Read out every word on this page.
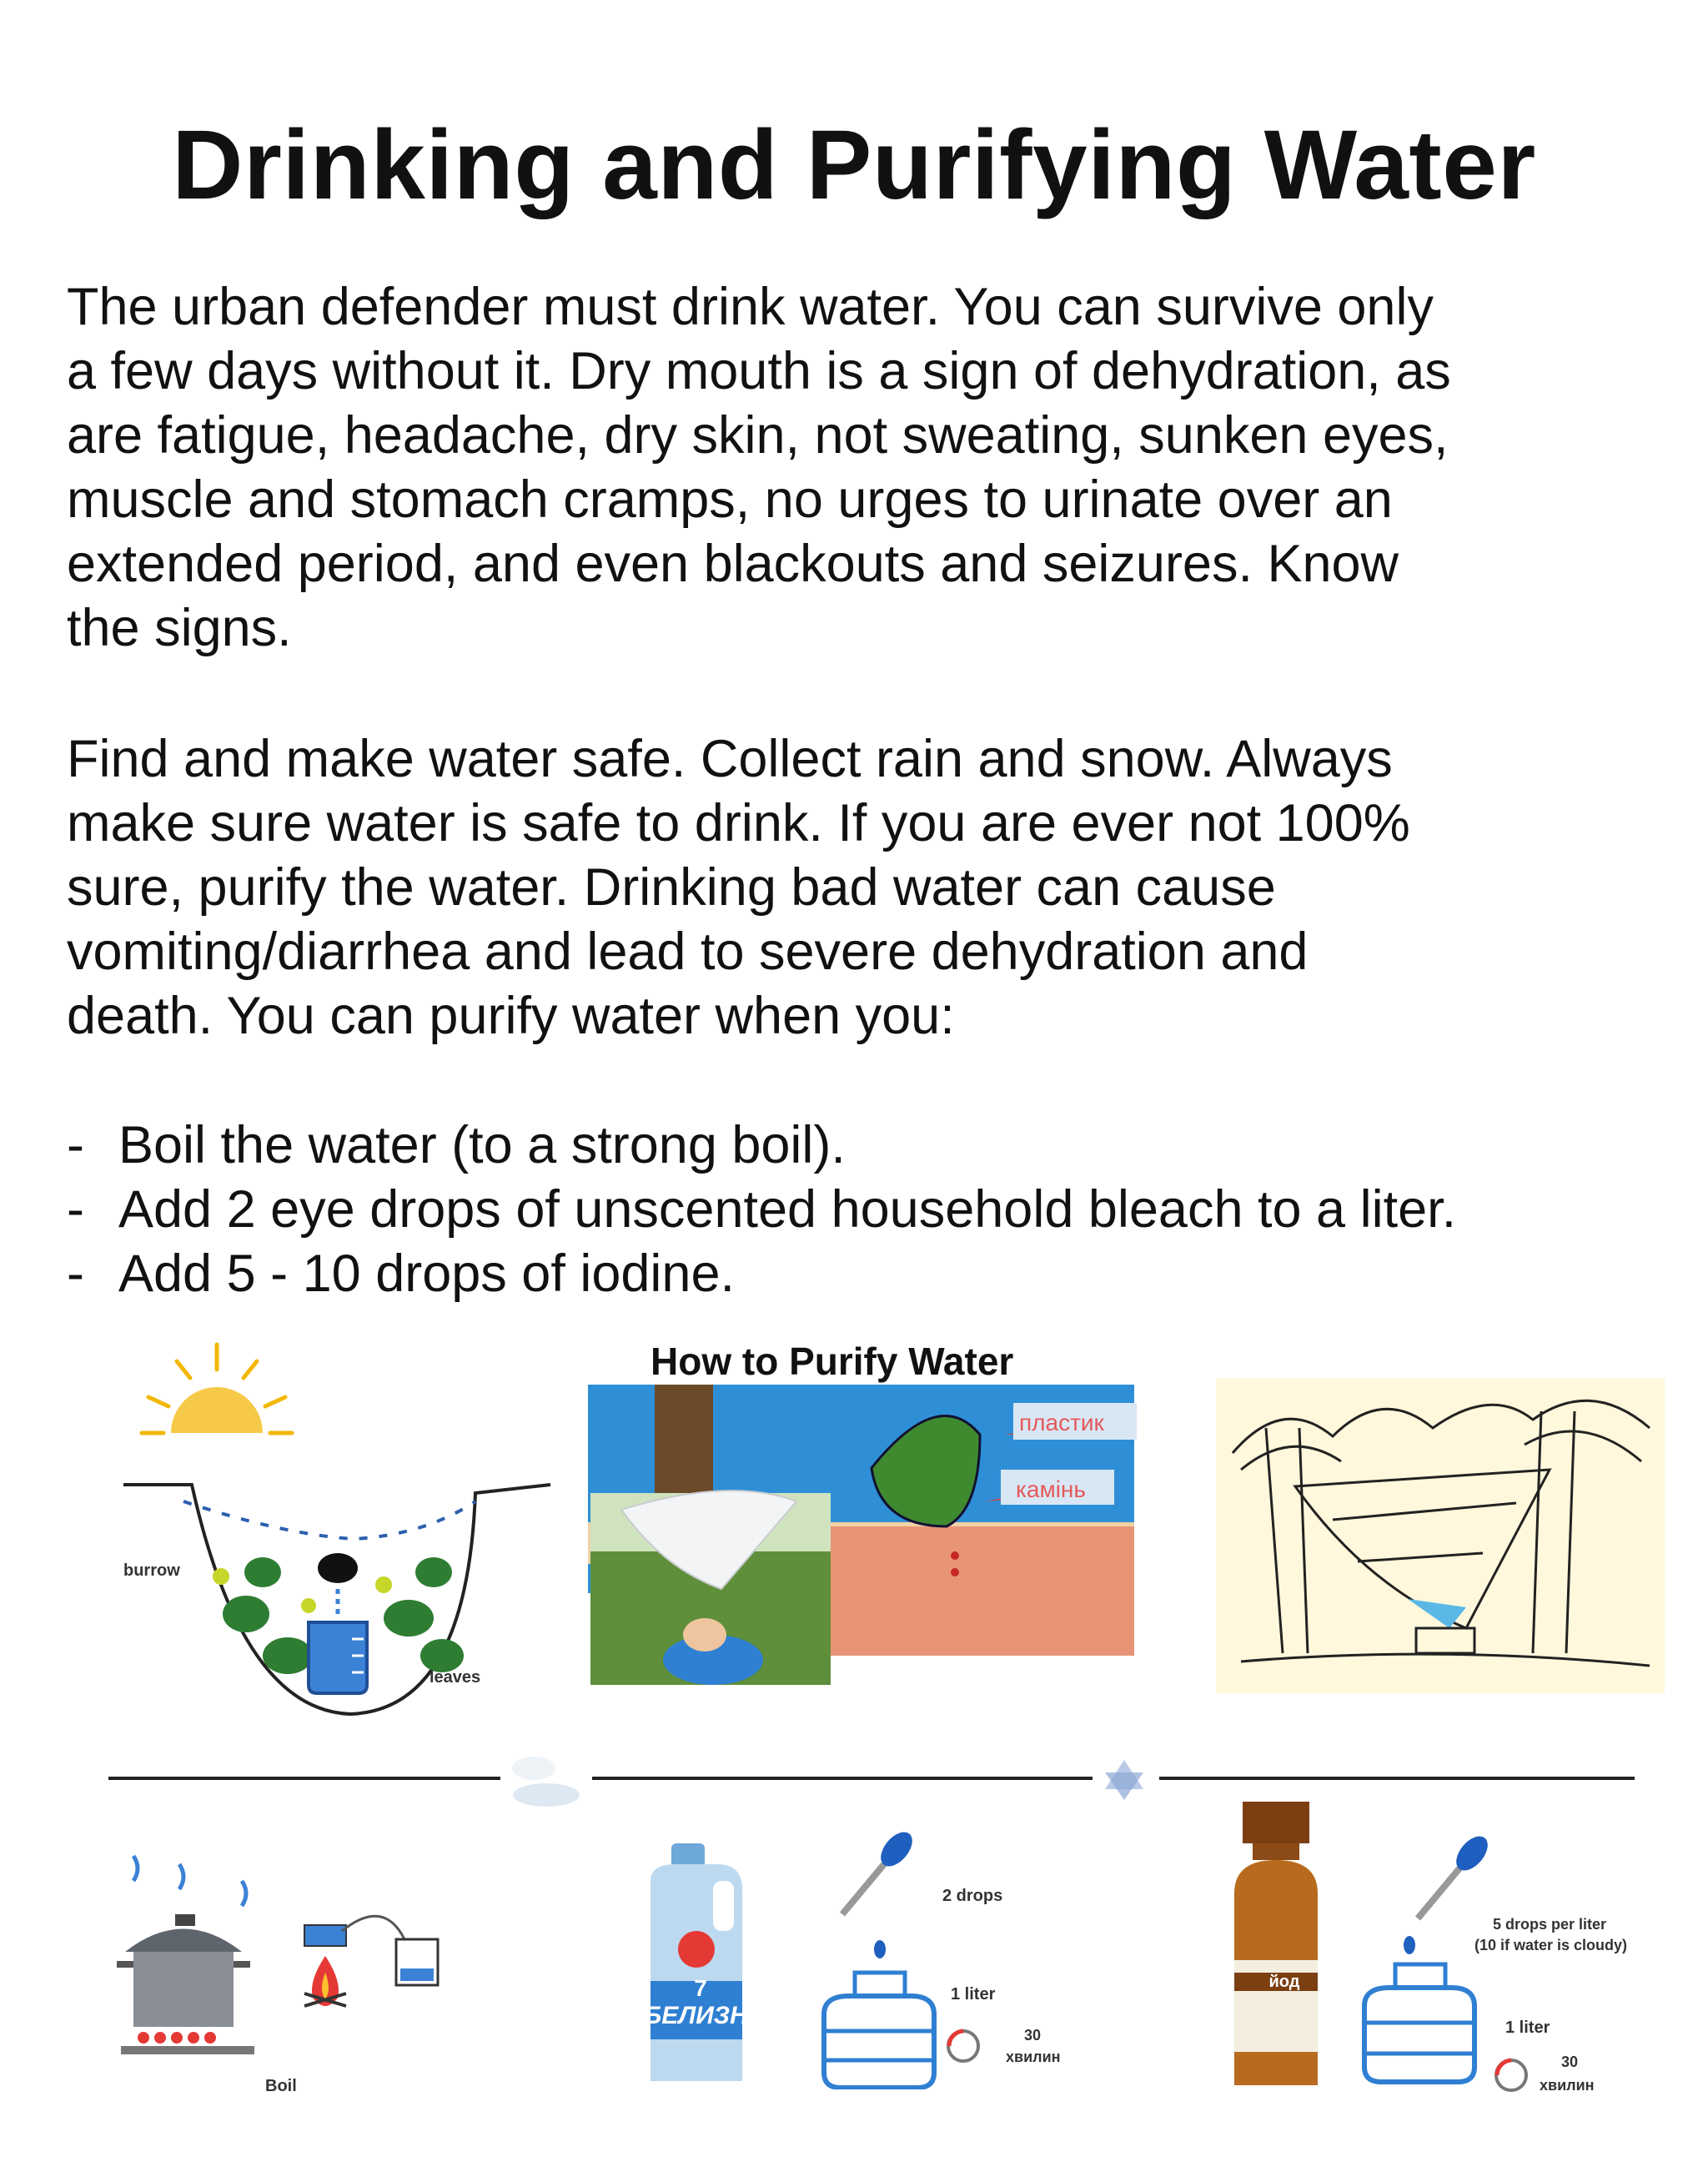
Drinking and Purifying Water
The urban defender must drink water. You can survive only
a few days without it. Dry mouth is a sign of dehydration, as
are fatigue, headache, dry skin, not sweating, sunken eyes,
muscle and stomach cramps, no urges to urinate over an
extended period, and even blackouts and seizures. Know
the signs.
Find and make water safe. Collect rain and snow. Always
make sure water is safe to drink. If you are ever not 100%
sure, purify the water. Drinking bad water can cause
vomiting/diarrhea and lead to severe dehydration and
death. You can purify water when you:
- Boil the water (to a strong boil).
- Add 2 eye drops of unscented household bleach to a liter.
- Add 5 - 10 drops of iodine.
How to Purify Water
burrow
leaves
пластик
камінь
Boil
7
БЕЛИЗНА
2 drops
1 liter
30
хвилин
йод
5 drops per liter
(10 if water is cloudy)
1 liter
30
хвилин
